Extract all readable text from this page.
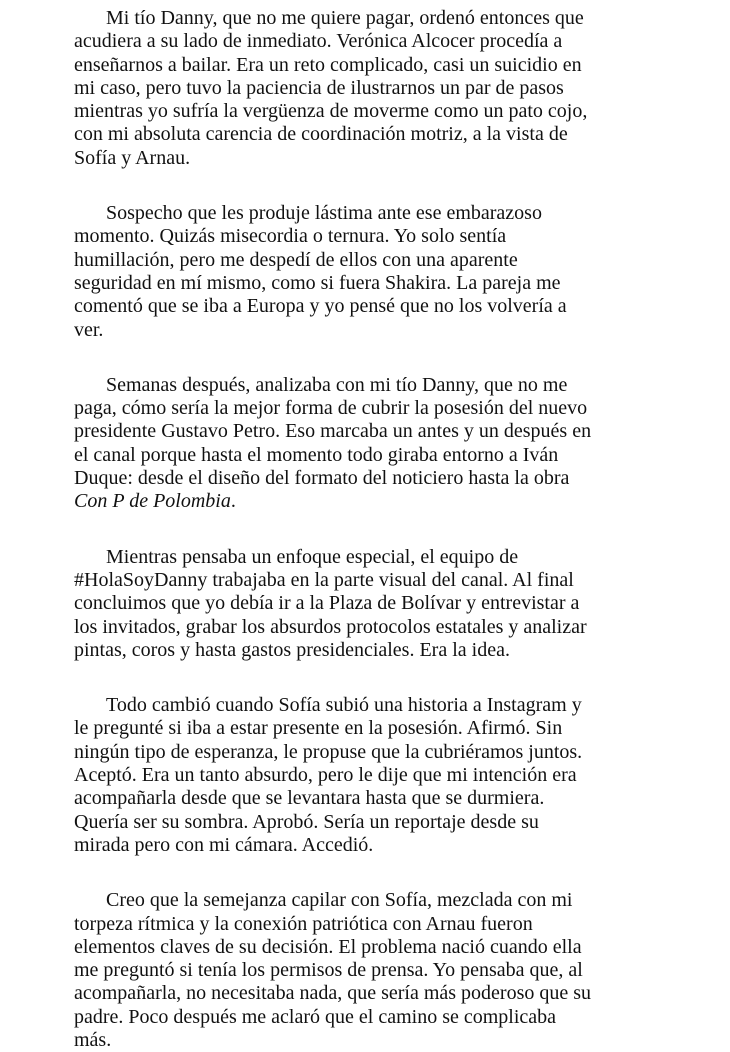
Mi tío Danny, que no me quiere pagar, ordenó entonces que
acudiera a su lado de inmediato. Verónica Alcocer procedía a
enseñarnos a bailar. Era un reto complicado, casi un suicidio en
mi caso, pero tuvo la paciencia de ilustrarnos un par de pasos
mientras yo sufría la vergüenza de moverme como un pato cojo,
con mi absoluta carencia de coordinación motriz, a la vista de
Sofía y Arnau.

Sospecho que les produje lástima ante ese embarazoso
momento. Quizás misecordia o ternura. Yo solo sentía
humillación, pero me despedí de ellos con una aparente
seguridad en mí mismo, como si fuera Shakira. La pareja me
comentó que se iba a Europa y yo pensé que no los volvería a
ver.

Semanas después, analizaba con mi tío Danny, que no me
paga, cómo sería la mejor forma de cubrir la posesión del nuevo
presidente Gustavo Petro. Eso marcaba un antes y un después en
el canal porque hasta el momento todo giraba entorno a Iván
Duque: desde el diseño del formato del noticiero hasta la obra
Con P de Polombia.

Mientras pensaba un enfoque especial, el equipo de
#HolaSoyDanny trabajaba en la parte visual del canal. Al final
concluimos que yo debía ir a la Plaza de Bolívar y entrevistar a
los invitados, grabar los absurdos protocolos estatales y analizar
pintas, coros y hasta gastos presidenciales. Era la idea.

Todo cambió cuando Sofía subió una historia a Instagram y
le pregunté si iba a estar presente en la posesión. Afirmó. Sin
ningún tipo de esperanza, le propuse que la cubriéramos juntos.
Aceptó. Era un tanto absurdo, pero le dije que mi intención era
acompañarla desde que se levantara hasta que se durmiera.
Quería ser su sombra. Aprobó. Sería un reportaje desde su
mirada pero con mi cámara. Accedió.

Creo que la semejanza capilar con Sofía, mezclada con mi
torpeza rítmica y la conexión patriótica con Arnau fueron
elementos claves de su decisión. El problema nació cuando ella
me preguntó si tenía los permisos de prensa. Yo pensaba que, al
acompañarla, no necesitaba nada, que sería más poderoso que su
padre. Poco después me aclaró que el camino se complicaba
más.
